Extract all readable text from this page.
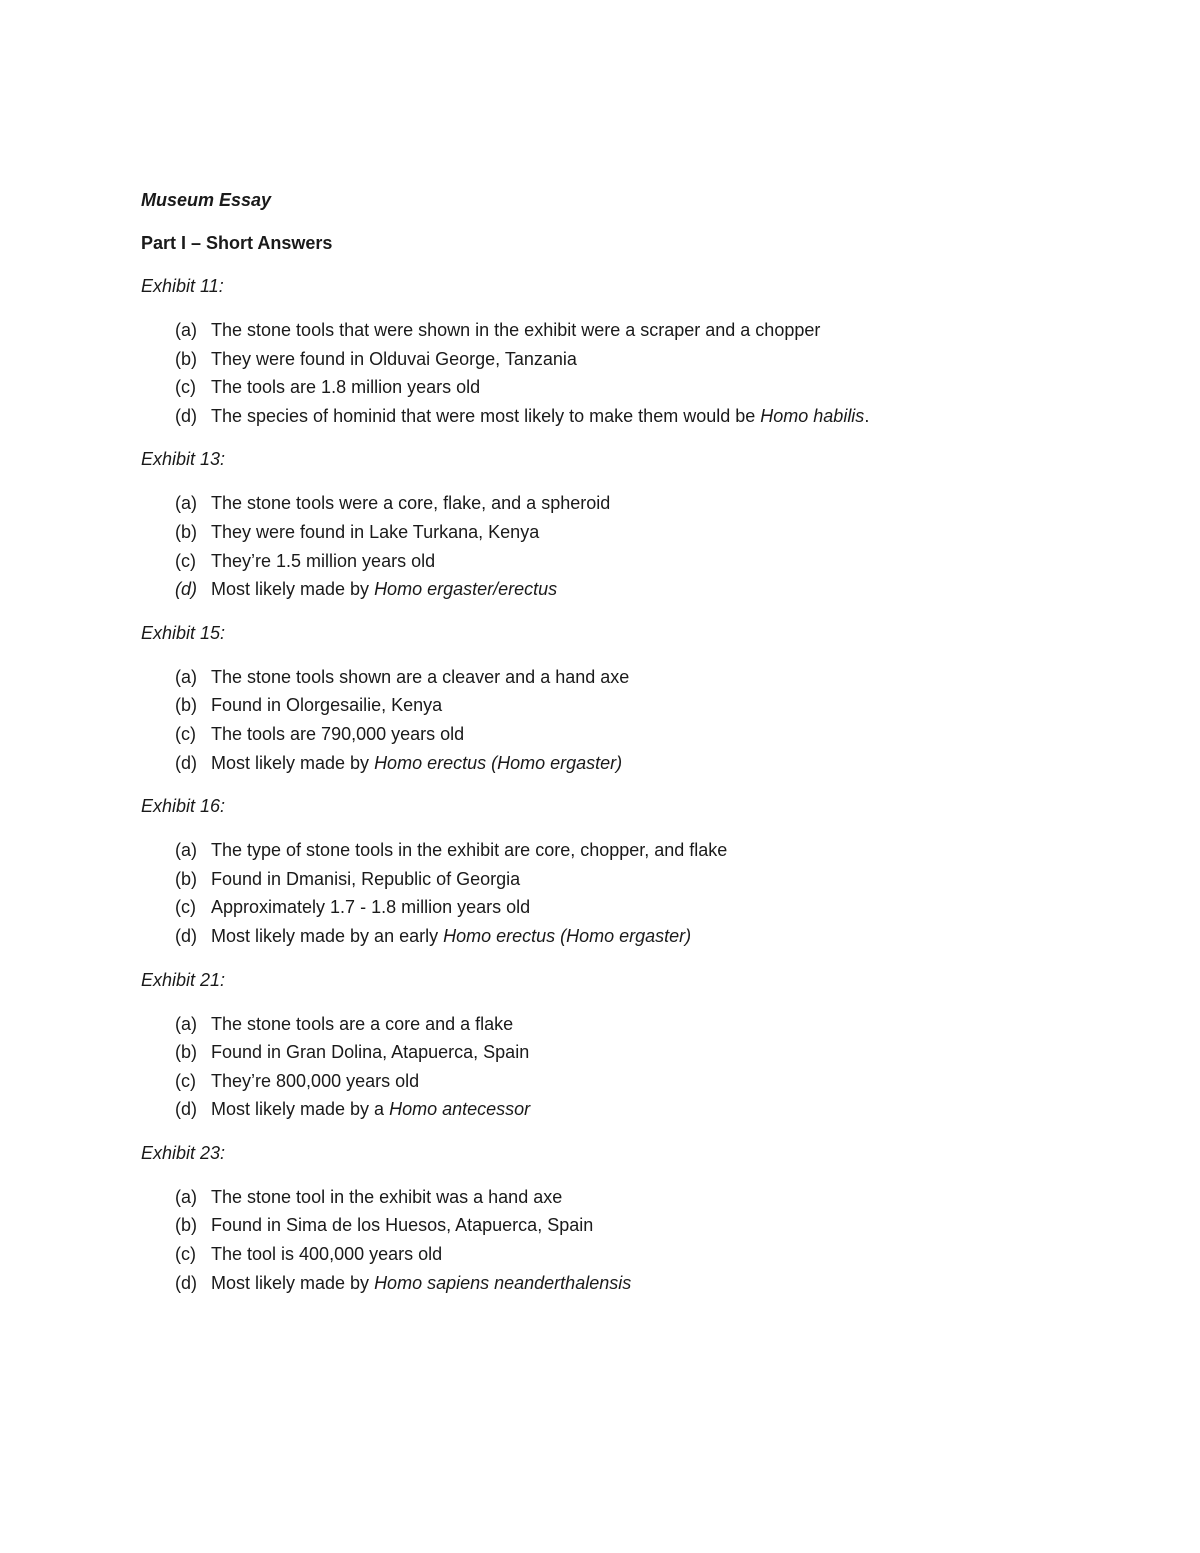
Museum Essay

Part I – Short Answers

Exhibit 11:

(a) The stone tools that were shown in the exhibit were a scraper and a chopper
(b) They were found in Olduvai George, Tanzania
(c) The tools are 1.8 million years old
(d) The species of hominid that were most likely to make them would be Homo habilis.

Exhibit 13:

(a) The stone tools were a core, flake, and a spheroid
(b) They were found in Lake Turkana, Kenya
(c) They’re 1.5 million years old
(d) Most likely made by Homo ergaster/erectus

Exhibit 15:

(a) The stone tools shown are a cleaver and a hand axe
(b) Found in Olorgesailie, Kenya
(c) The tools are 790,000 years old
(d) Most likely made by Homo erectus (Homo ergaster)

Exhibit 16:

(a) The type of stone tools in the exhibit are core, chopper, and flake
(b) Found in Dmanisi, Republic of Georgia
(c) Approximately 1.7 - 1.8 million years old
(d) Most likely made by an early Homo erectus (Homo ergaster)

Exhibit 21:

(a) The stone tools are a core and a flake
(b) Found in Gran Dolina, Atapuerca, Spain
(c) They’re 800,000 years old
(d) Most likely made by a Homo antecessor

Exhibit 23:

(a) The stone tool in the exhibit was a hand axe
(b) Found in Sima de los Huesos, Atapuerca, Spain
(c) The tool is 400,000 years old
(d) Most likely made by Homo sapiens neanderthalensis
